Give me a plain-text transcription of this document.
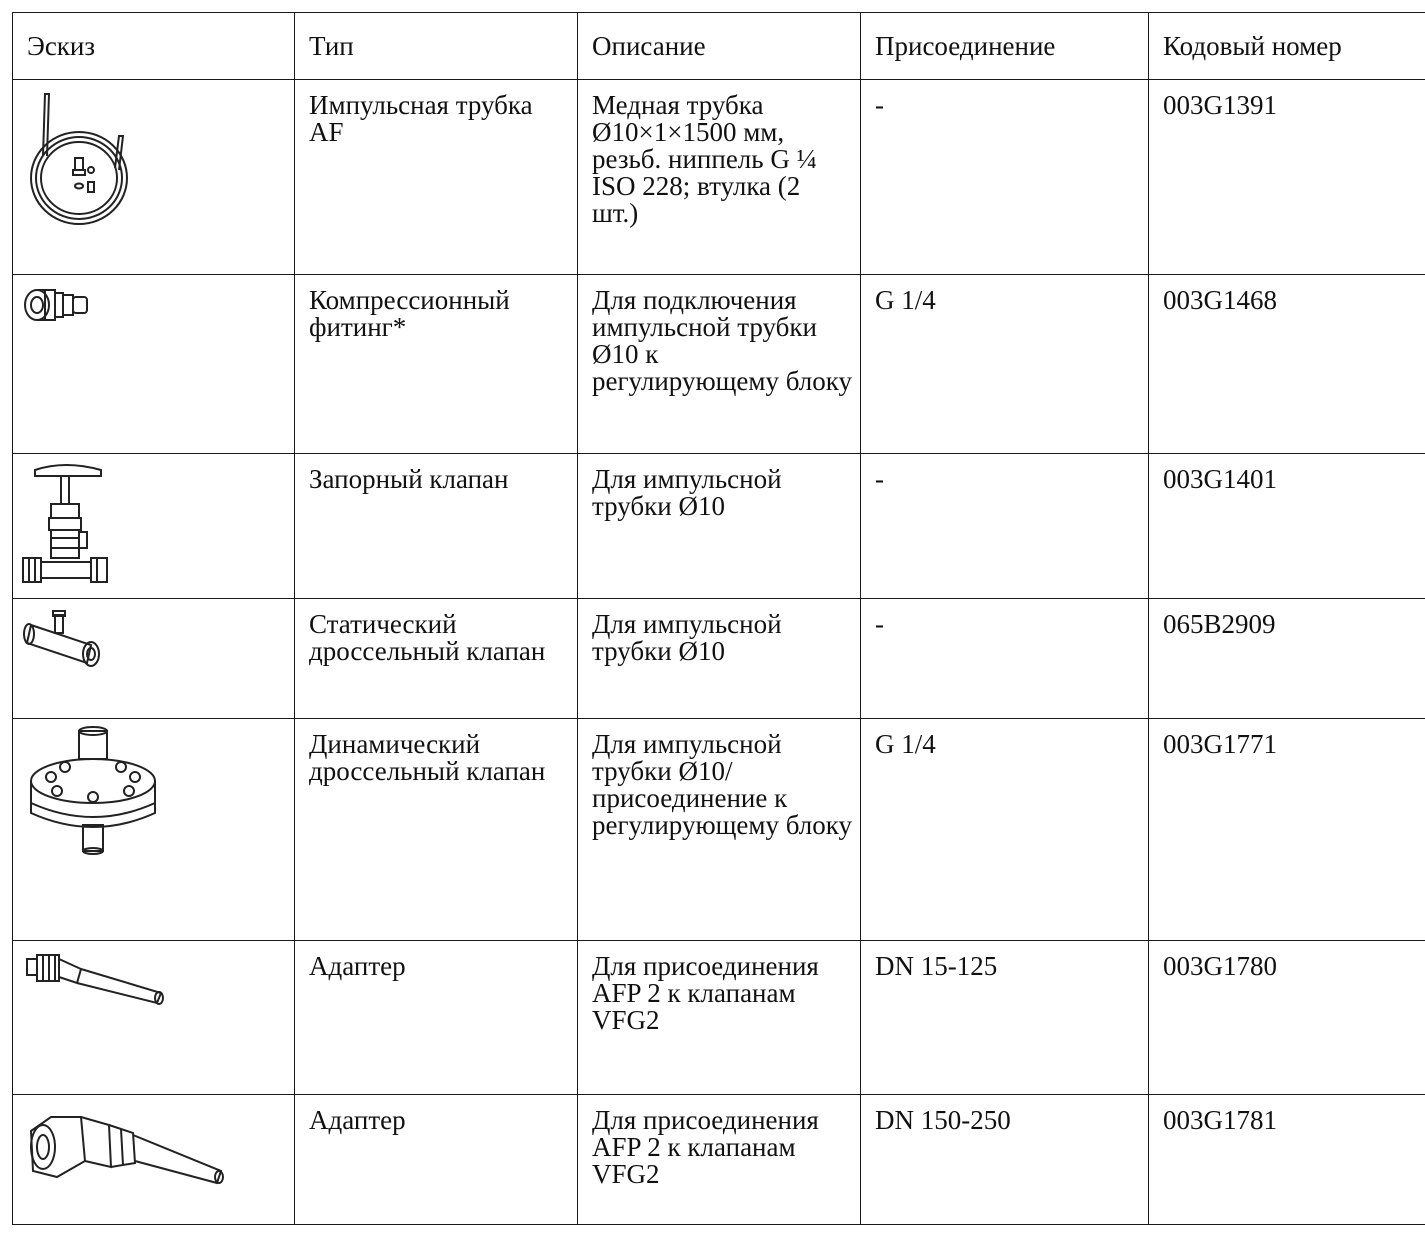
Эскиз	Тип	Описание	Присоединение	Кодовый номер

	Импульсная трубка AF	Медная трубка Ø10×1×1500 мм, резьб. ниппель G ¼ ISO 228; втулка (2 шт.)	-	003G1391

	Компрессионный фитинг*	Для подключения импульсной трубки Ø10 к регулирующему блоку	G 1/4	003G1468

	Запорный клапан	Для импульсной трубки Ø10	-	003G1401

	Статический дроссельный клапан	Для импульсной трубки Ø10	-	065B2909

	Динамический дроссельный клапан	Для импульсной трубки Ø10/присоединение к регулирующему блоку	G 1/4	003G1771

	Адаптер	Для присоединения AFP 2 к клапанам VFG2	DN 15-125	003G1780

	Адаптер	Для присоединения AFP 2 к клапанам VFG2	DN 150-250	003G1781
